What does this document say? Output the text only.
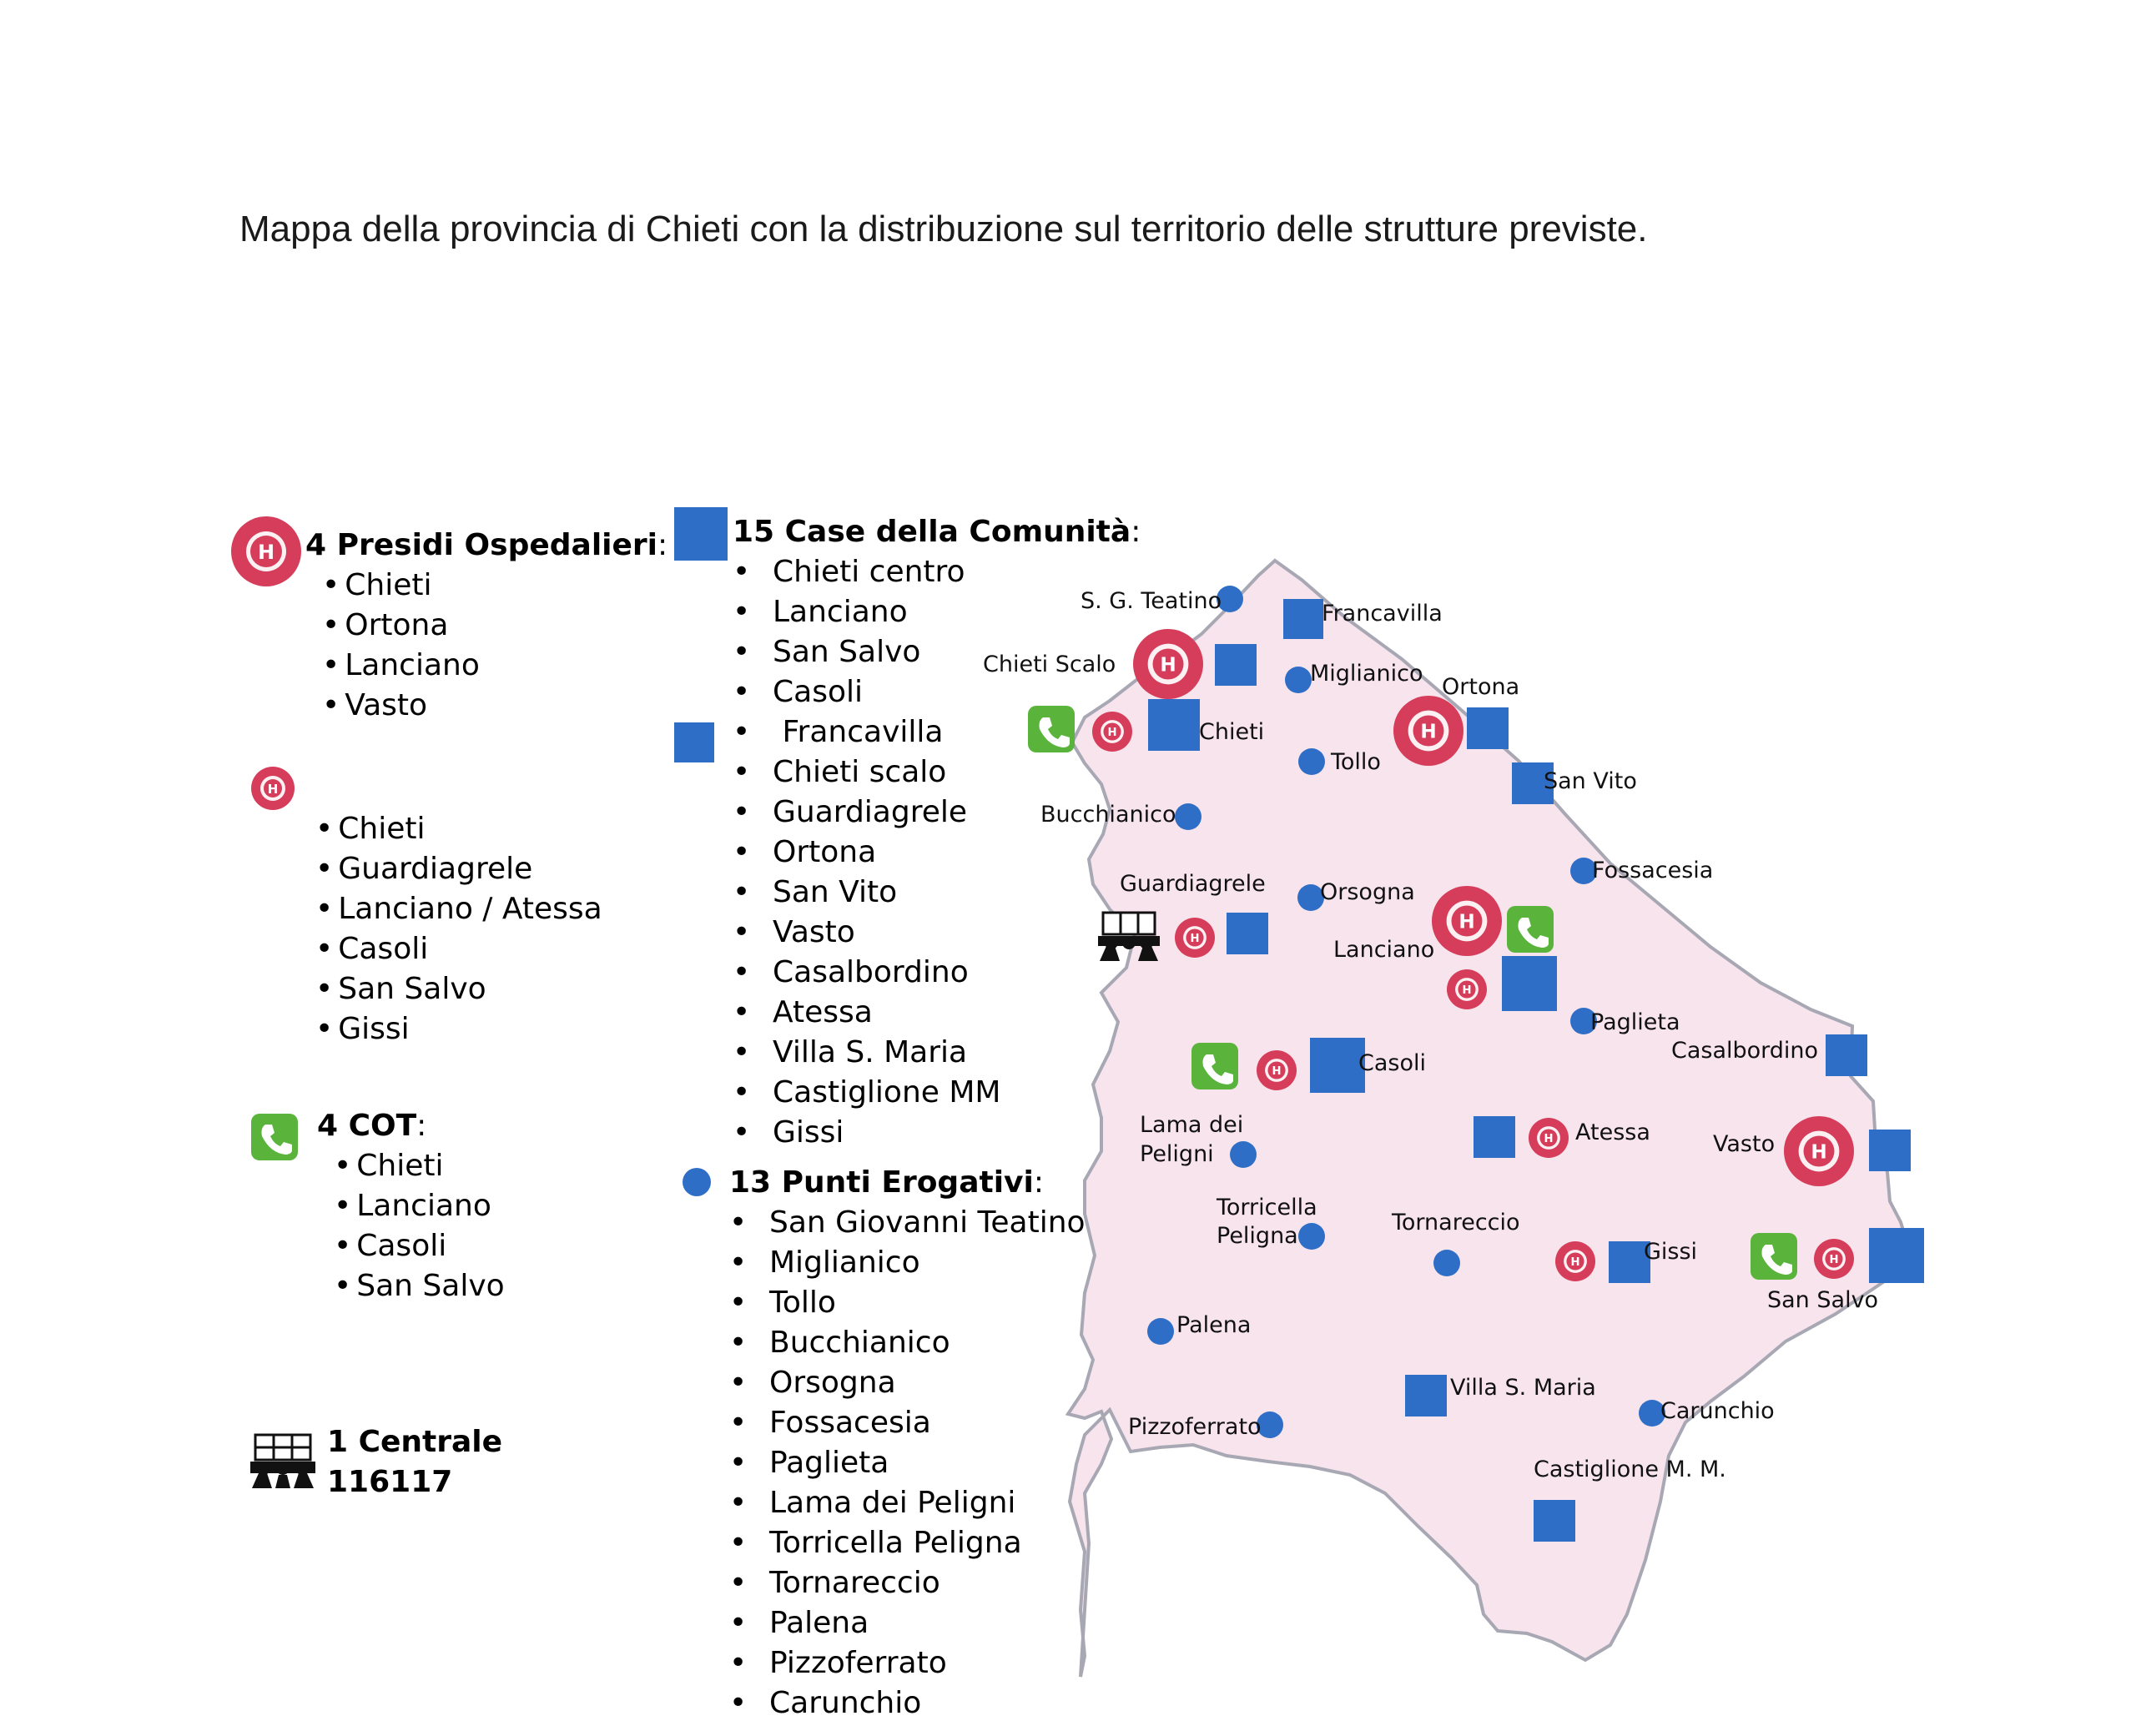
Mappa della provincia di Chieti con la distribuzione sul territorio delle strutture previste.
H 4 Presidi Ospedalieri:
• Chieti
• Ortona
• Lanciano
• Vasto
H
• Chieti
• Guardiagrele
• Lanciano / Atessa
• Casoli
• San Salvo
• Gissi
4 COT:
• Chieti
• Lanciano
• Casoli
• San Salvo
1 Centrale
116117
15 Case della Comunità:
• Chieti centro
• Lanciano
• San Salvo
• Casoli
•  Francavilla
• Chieti scalo
• Guardiagrele
• Ortona
• San Vito
• Vasto
• Casalbordino
• Atessa
• Villa S. Maria
• Castiglione MM
• Gissi
13 Punti Erogativi:
• San Giovanni Teatino
• Miglianico
• Tollo
• Bucchianico
• Orsogna
• Fossacesia
• Paglieta
• Lama dei Peligni
• Torricella Peligna
• Tornareccio
• Palena
• Pizzoferrato
• Carunchio
H
H
H
H
H
H
H
H
H
H	H
S. G. Teatino	Francavilla
Chieti Scalo	Miglianico
Ortona
Chieti
Tollo
San Vito
Bucchianico
Fossacesia
Guardiagrele Orsogna
Lanciano
Paglieta
Casalbordino
Casoli
Lama dei
Peligni
Atessa	Vasto
Torricella
Peligna
Tornareccio
Gissi
San Salvo
Palena
Villa S. Maria
Carunchio
Pizzoferrato
Castiglione M. M.
